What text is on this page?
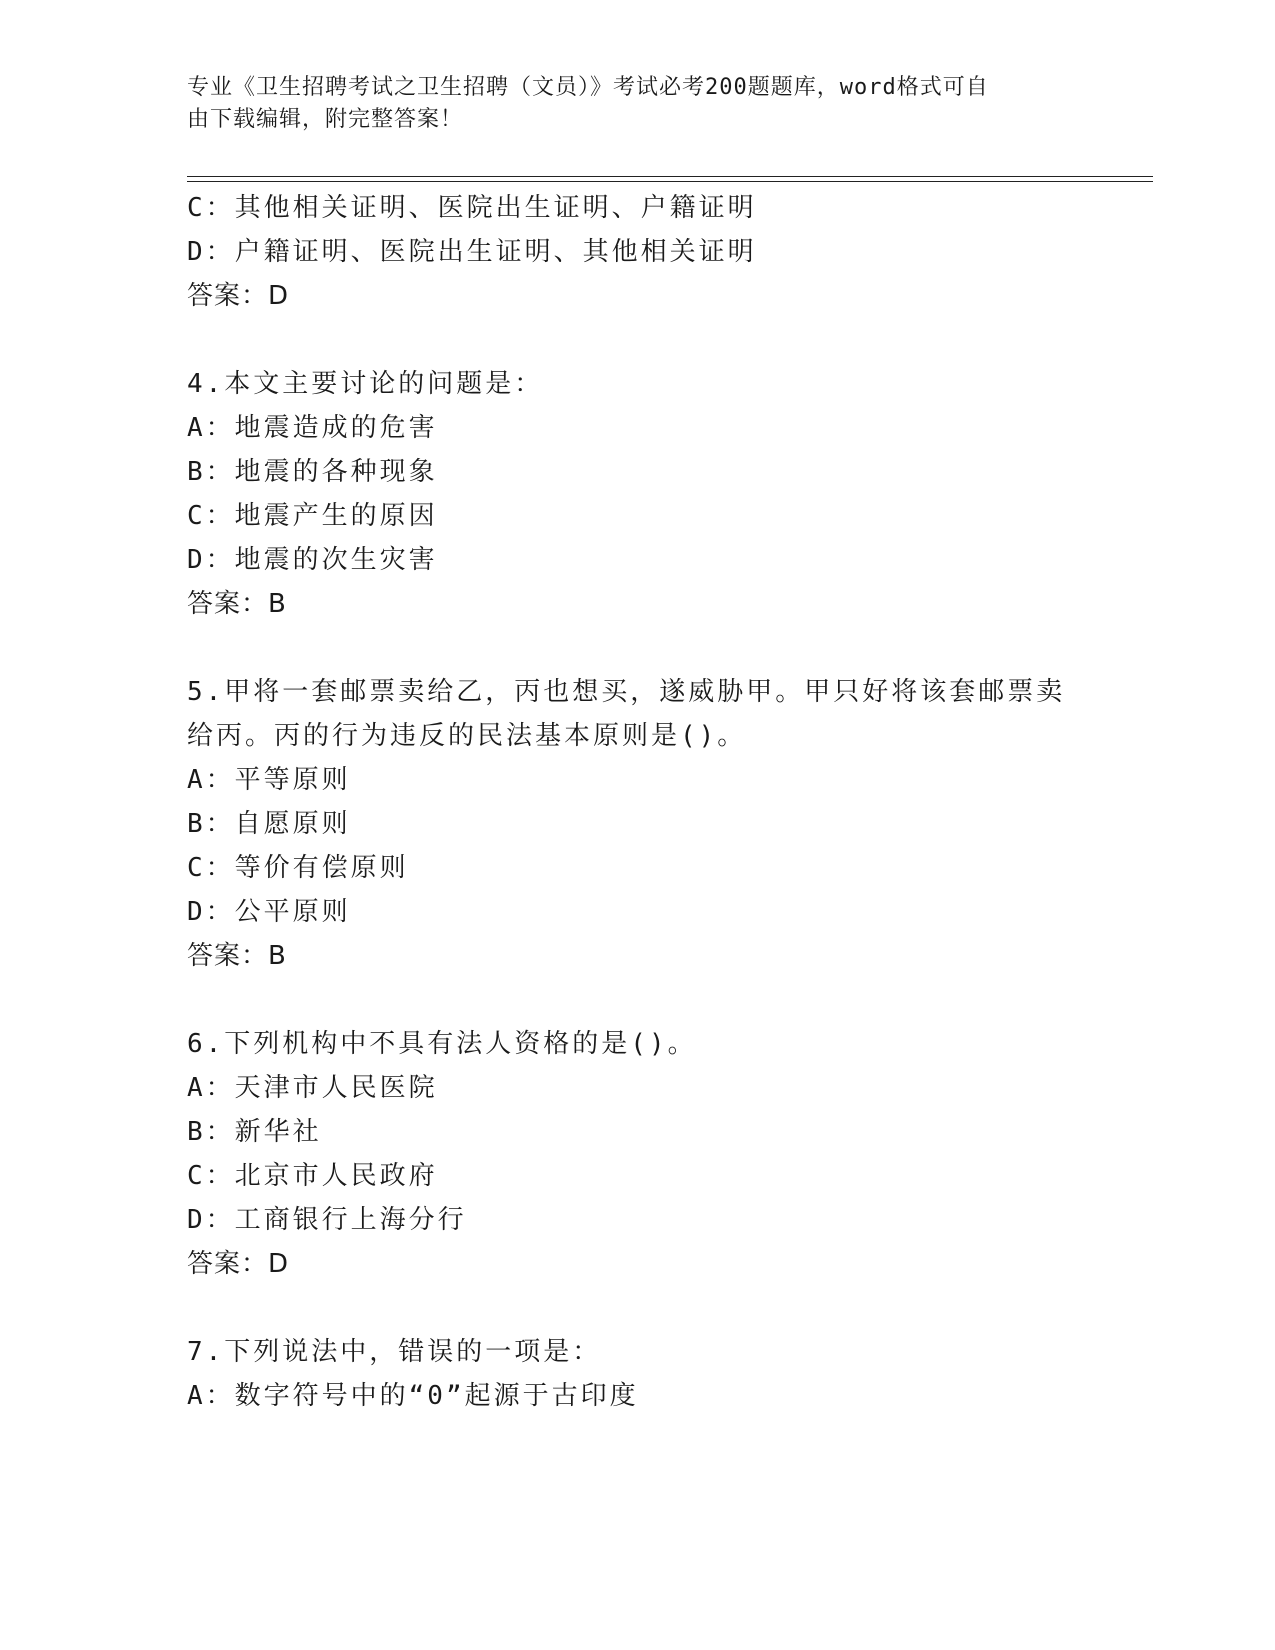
专业《卫生招聘考试之卫生招聘（文员）》考试必考200题题库，word格式可自
由下载编辑，附完整答案！
C：其他相关证明、医院出生证明、户籍证明
D：户籍证明、医院出生证明、其他相关证明
答案：D
4.本文主要讨论的问题是：
A：地震造成的危害
B：地震的各种现象
C：地震产生的原因
D：地震的次生灾害
答案：B
5.甲将一套邮票卖给乙，丙也想买，遂威胁甲。甲只好将该套邮票卖
给丙。丙的行为违反的民法基本原则是()。
A：平等原则
B：自愿原则
C：等价有偿原则
D：公平原则
答案：B
6.下列机构中不具有法人资格的是()。
A：天津市人民医院
B：新华社
C：北京市人民政府
D：工商银行上海分行
答案：D
7.下列说法中，错误的一项是：
A：数字符号中的“0”起源于古印度
